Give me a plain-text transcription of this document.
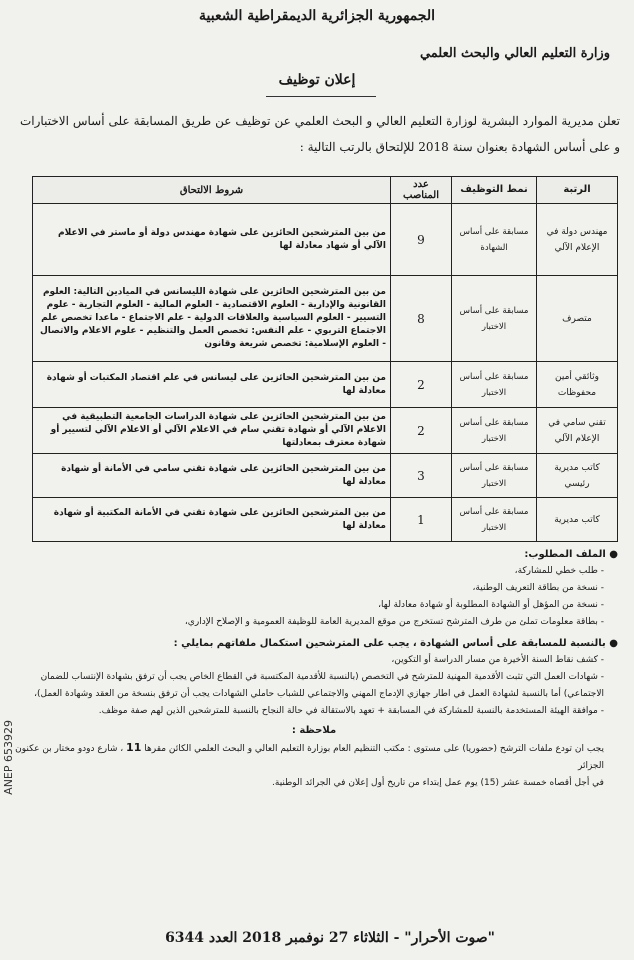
الجمهورية الجزائرية الديمقراطية الشعبية
وزارة التعليم العالي والبحث العلمي
إعلان توظيف
تعلن مديرية الموارد البشرية لوزارة التعليم العالي و البحث العلمي عن توظيف عن طريق المسابقة على أساس الاختبارات و على أساس الشهادة بعنوان سنة 2018 للإلتحاق بالرتب التالية :
الرتبة	نمط التوظيف	عدد المناصب	شروط الالتحاق
مهندس دولة في الإعلام الآلي	مسابقة على أساس الشهادة	9	من بين المترشحين الحائزين على شهادة مهندس دولة أو ماستر في الاعلام الآلي أو شهاد معادلة لها
متصرف	مسابقة على أساس الاختبار	8	من بين المترشحين الحائزين على شهادة الليسانس في الميادين التالية: العلوم القانونية والإدارية - العلوم الاقتصادية - العلوم المالية - العلوم التجارية - علوم التسيير - العلوم السياسية والعلاقات الدولية - علم الاجتماع - ماعدا تخصص علم الاجتماع التربوي - علم النفس: تخصص العمل والتنظيم - علوم الاعلام والاتصال - العلوم الإسلامية: تخصص شريعة وقانون
وثائقي أمين محفوظات	مسابقة على أساس الاختبار	2	من بين المترشحين الحائزين على ليسانس في علم اقتصاد المكتبات أو شهادة معادلة لها
تقني سامي في الإعلام الآلي	مسابقة على أساس الاختبار	2	من بين المترشحين الحائزين على شهادة الدراسات الجامعية التطبيقية في الاعلام الآلي أو شهادة تقني سام في الاعلام الآلي أو الاعلام الآلي لتسيير أو شهادة معترف بمعادلتها
كاتب مديرية رئيسي	مسابقة على أساس الاختبار	3	من بين المترشحين الحائزين على شهادة تقني سامي في الأمانة أو شهادة معادلة لها
كاتب مديرية	مسابقة على أساس الاختبار	1	من بين المترشحين الحائزين على شهادة تقني في الأمانة المكتبية أو شهادة معادلة لها
● الملف المطلوب:
- طلب خطي للمشاركة،
- نسخة من بطاقة التعريف الوطنية،
- نسخة من المؤهل أو الشهادة المطلوبة أو شهادة معادلة لها،
- بطاقة معلومات تملئ من طرف المترشح تستخرج من موقع المديرية العامة للوظيفة العمومية و الإصلاح الإداري،
● بالنسبة للمسابقة على أساس الشهادة ، يجب على المترشحين استكمال ملفاتهم بمايلي :
- كشف نقاط السنة الأخيرة من مسار الدراسة أو التكوين،
- شهادات العمل التي تثبت الأقدمية المهنية للمترشح في التخصص (بالنسبة للأقدمية المكتسبة في القطاع الخاص يجب أن ترفق بشهادة الإنتساب للضمان الاجتماعي) أما بالنسبة لشهادة العمل في اطار جهازي الإدماج المهني والاجتماعي للشباب حاملي الشهادات يجب أن ترفق بنسخة من العقد وشهادة العمل)،
- موافقة الهيئة المستخدمة بالنسبة للمشاركة في المسابقة + تعهد بالاستقالة في حالة النجاح بالنسبة للمترشحين الذين لهم صفة موظف.
ملاحظة :
يجب ان تودع ملفات الترشح (حضوريا) على مستوى : مكتب التنظيم العام بوزارة التعليم العالي و البحث العلمي الكائن مقرها 11 ، شارع دودو مختار بن عكنون الجزائر
في أجل أقصاه خمسة عشر (15) يوم عمل إبتداء من تاريخ أول إعلان في الجرائد الوطنية.
ANEP 653929
"صوت الأحرار" - الثلاثاء 27 نوفمبر 2018 العدد 6344
